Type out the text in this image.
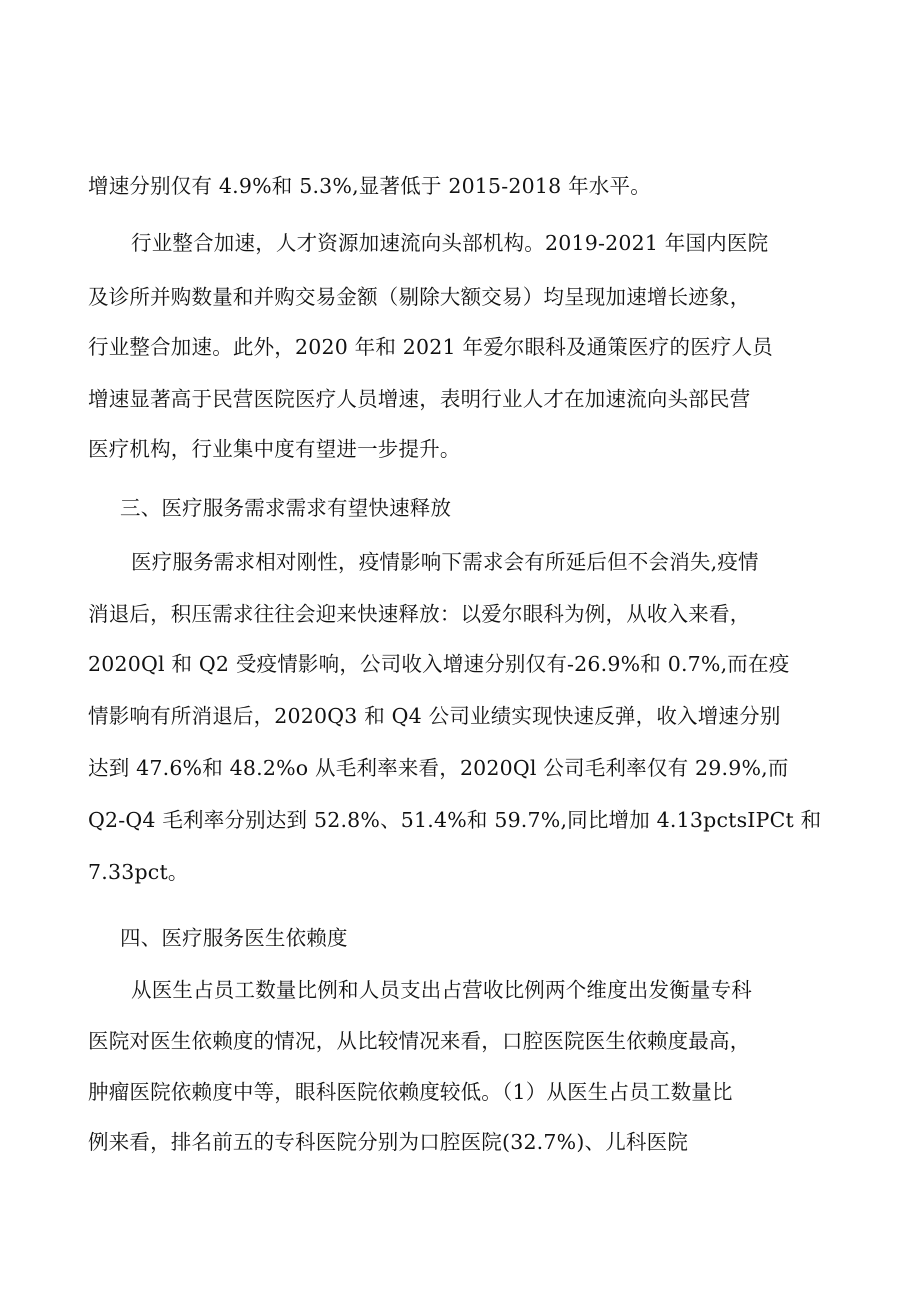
增速分别仅有 4.9%和 5.3%,显著低于 2015-2018 年水平。
行业整合加速，人才资源加速流向头部机构。2019-2021 年国内医院
及诊所并购数量和并购交易金额（剔除大额交易）均呈现加速增长迹象，
行业整合加速。此外，2020 年和 2021 年爱尔眼科及通策医疗的医疗人员
增速显著高于民营医院医疗人员增速，表明行业人才在加速流向头部民营
医疗机构，行业集中度有望进一步提升。
三、医疗服务需求需求有望快速释放
医疗服务需求相对刚性，疫情影响下需求会有所延后但不会消失,疫情
消退后，积压需求往往会迎来快速释放：以爱尔眼科为例，从收入来看，
2020Ql 和 Q2 受疫情影响，公司收入增速分别仅有-26.9%和 0.7%,而在疫
情影响有所消退后，2020Q3 和 Q4 公司业绩实现快速反弹，收入增速分别
达到 47.6%和 48.2%o 从毛利率来看，2020Ql 公司毛利率仅有 29.9%,而
Q2-Q4 毛利率分别达到 52.8%、51.4%和 59.7%,同比增加 4.13pctsIPCt 和
7.33pct。
四、医疗服务医生依赖度
从医生占员工数量比例和人员支出占营收比例两个维度出发衡量专科
医院对医生依赖度的情况，从比较情况来看，口腔医院医生依赖度最高，
肿瘤医院依赖度中等，眼科医院依赖度较低。（1）从医生占员工数量比
例来看，排名前五的专科医院分别为口腔医院(32.7%)、儿科医院
